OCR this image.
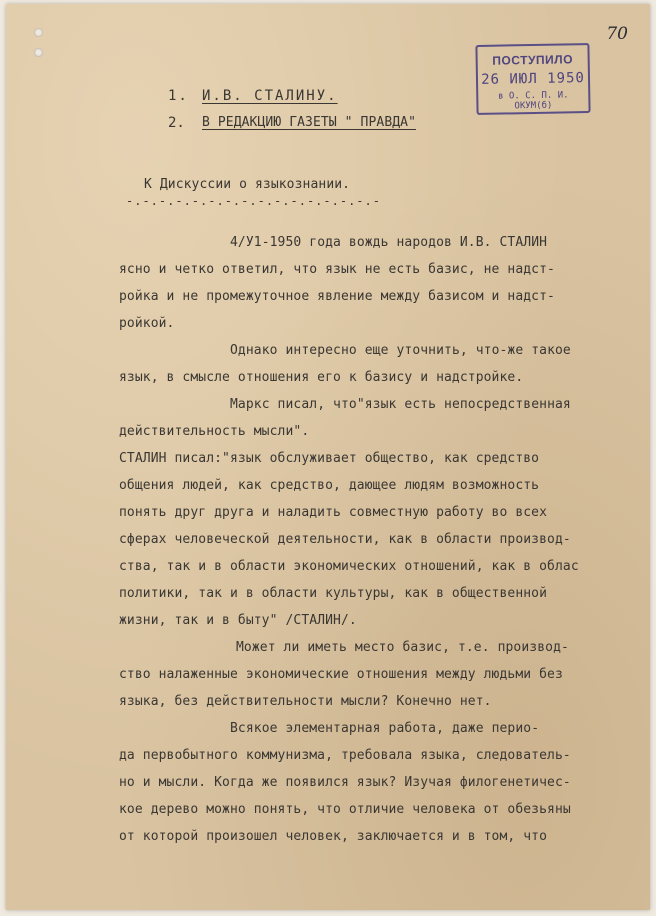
70
ПОСТУПИЛО
26 ИЮЛ 1950
в О. С. П. И. ОКУМ(б)
1. И.В. СТАЛИНУ.
2. В РЕДАКЦИЮ ГАЗЕТЫ " ПРАВДА"
К Дискуссии о языкознании.
-.-.-.-.-.-.-.-.-.-.-.-.-.-.-.-
4/У1-1950 года вождь народов И.В. СТАЛИН
ясно и четко ответил, что язык не есть базис, не надст-
ройка и не промежуточное явление между базисом и надст-
ройкой.
Однако интересно еще уточнить, что-же такое
язык, в смысле отношения его к базису и надстройке.
Маркс писал, что"язык есть непосредственная
действительность мысли".
СТАЛИН писал:"язык обслуживает общество, как средство
общения людей, как средство, дающее людям возможность
понять друг друга и наладить совместную работу во всех
сферах человеческой деятельности, как в области производ-
ства, так и в области экономических отношений, как в облас
политики, так и в области культуры, как в общественной
жизни, так и в быту" /СТАЛИН/.
Может ли иметь место базис, т.е. производ-
ство налаженные экономические отношения между людьми без
языка, без действительности мысли? Конечно нет.
Всякое элементарная работа, даже перио-
да первобытного коммунизма, требовала языка, следователь-
но и мысли. Когда же появился язык? Изучая филогенетичес-
кое дерево можно понять, что отличие человека от обезьяны
от которой произошел человек, заключается и в том, что
